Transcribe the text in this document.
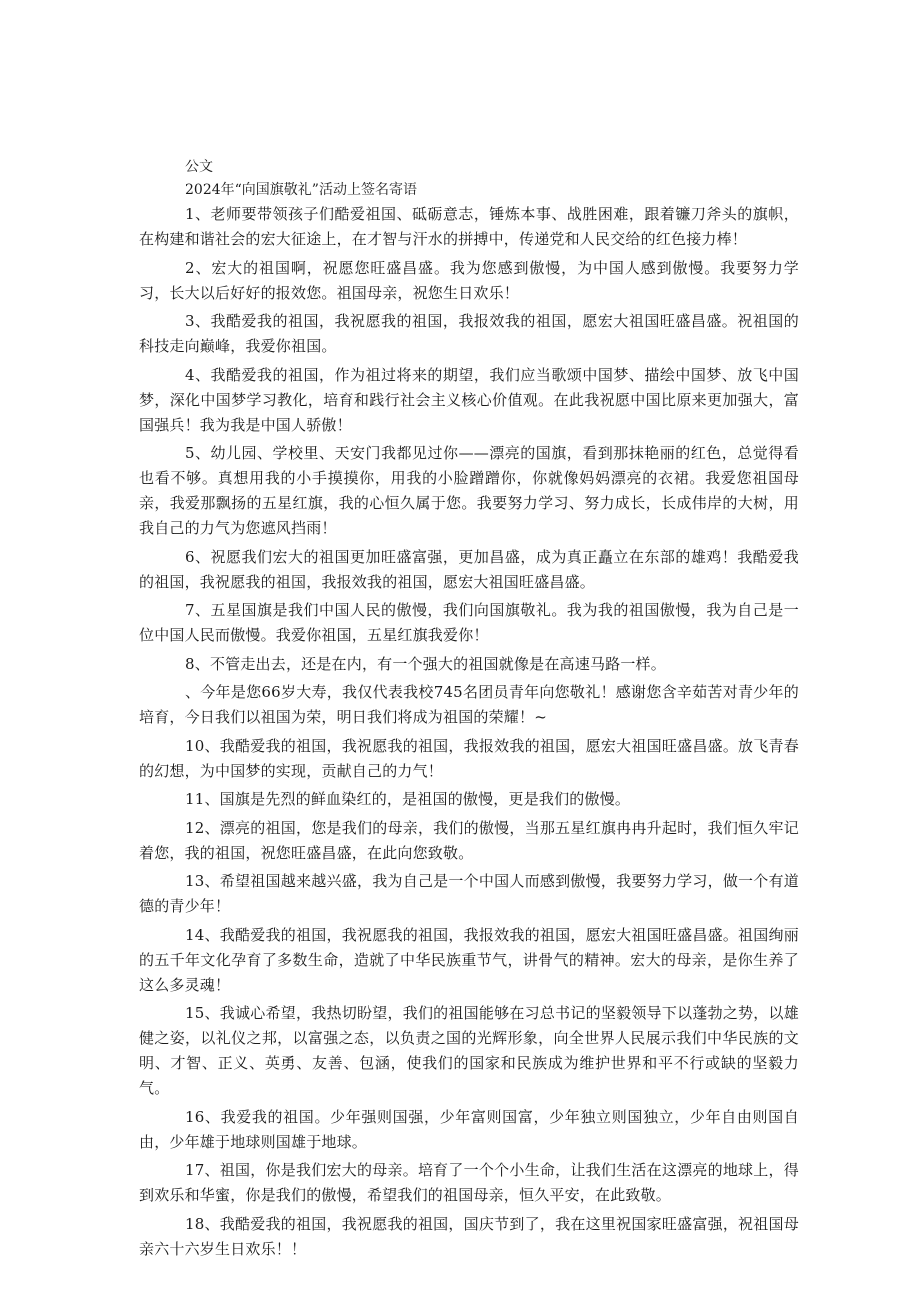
公文
2024年“向国旗敬礼”活动上签名寄语

1、老师要带领孩子们酷爱祖国、砥砺意志，锤炼本事、战胜困难，跟着镰刀斧头的旗帜，在构建和谐社会的宏大征途上，在才智与汗水的拼搏中，传递党和人民交给的红色接力棒！

2、宏大的祖国啊，祝愿您旺盛昌盛。我为您感到傲慢，为中国人感到傲慢。我要努力学习，长大以后好好的报效您。祖国母亲，祝您生日欢乐！

3、我酷爱我的祖国，我祝愿我的祖国，我报效我的祖国，愿宏大祖国旺盛昌盛。祝祖国的科技走向巅峰，我爱你祖国。

4、我酷爱我的祖国，作为祖过将来的期望，我们应当歌颂中国梦、描绘中国梦、放飞中国梦，深化中国梦学习教化，培育和践行社会主义核心价值观。在此我祝愿中国比原来更加强大，富国强兵！我为我是中国人骄傲！

5、幼儿园、学校里、天安门我都见过你——漂亮的国旗，看到那抹艳丽的红色，总觉得看也看不够。真想用我的小手摸摸你，用我的小脸蹭蹭你，你就像妈妈漂亮的衣裙。我爱您祖国母亲，我爱那飘扬的五星红旗，我的心恒久属于您。我要努力学习、努力成长，长成伟岸的大树，用我自己的力气为您遮风挡雨！

6、祝愿我们宏大的祖国更加旺盛富强，更加昌盛，成为真正矗立在东部的雄鸡！我酷爱我的祖国，我祝愿我的祖国，我报效我的祖国，愿宏大祖国旺盛昌盛。

7、五星国旗是我们中国人民的傲慢，我们向国旗敬礼。我为我的祖国傲慢，我为自己是一位中国人民而傲慢。我爱你祖国，五星红旗我爱你！

8、不管走出去，还是在内，有一个强大的祖国就像是在高速马路一样。

、今年是您66岁大寿，我仅代表我校745名团员青年向您敬礼！感谢您含辛茹苦对青少年的培育，今日我们以祖国为荣，明日我们将成为祖国的荣耀！~

10、我酷爱我的祖国，我祝愿我的祖国，我报效我的祖国，愿宏大祖国旺盛昌盛。放飞青春的幻想，为中国梦的实现，贡献自己的力气！

11、国旗是先烈的鲜血染红的，是祖国的傲慢，更是我们的傲慢。

12、漂亮的祖国，您是我们的母亲，我们的傲慢，当那五星红旗冉冉升起时，我们恒久牢记着您，我的祖国，祝您旺盛昌盛，在此向您致敬。

13、希望祖国越来越兴盛，我为自己是一个中国人而感到傲慢，我要努力学习，做一个有道德的青少年！

14、我酷爱我的祖国，我祝愿我的祖国，我报效我的祖国，愿宏大祖国旺盛昌盛。祖国绚丽的五千年文化孕育了多数生命，造就了中华民族重节气，讲骨气的精神。宏大的母亲，是你生养了这么多灵魂！

15、我诚心希望，我热切盼望，我们的祖国能够在习总书记的坚毅领导下以蓬勃之势，以雄健之姿，以礼仪之邦，以富强之态，以负责之国的光辉形象，向全世界人民展示我们中华民族的文明、才智、正义、英勇、友善、包涵，使我们的国家和民族成为维护世界和平不行或缺的坚毅力气。

16、我爱我的祖国。少年强则国强，少年富则国富，少年独立则国独立，少年自由则国自由，少年雄于地球则国雄于地球。

17、祖国，你是我们宏大的母亲。培育了一个个小生命，让我们生活在这漂亮的地球上，得到欢乐和华蜜，你是我们的傲慢，希望我们的祖国母亲，恒久平安，在此致敬。

18、我酷爱我的祖国，我祝愿我的祖国，国庆节到了，我在这里祝国家旺盛富强，祝祖国母亲六十六岁生日欢乐！！
